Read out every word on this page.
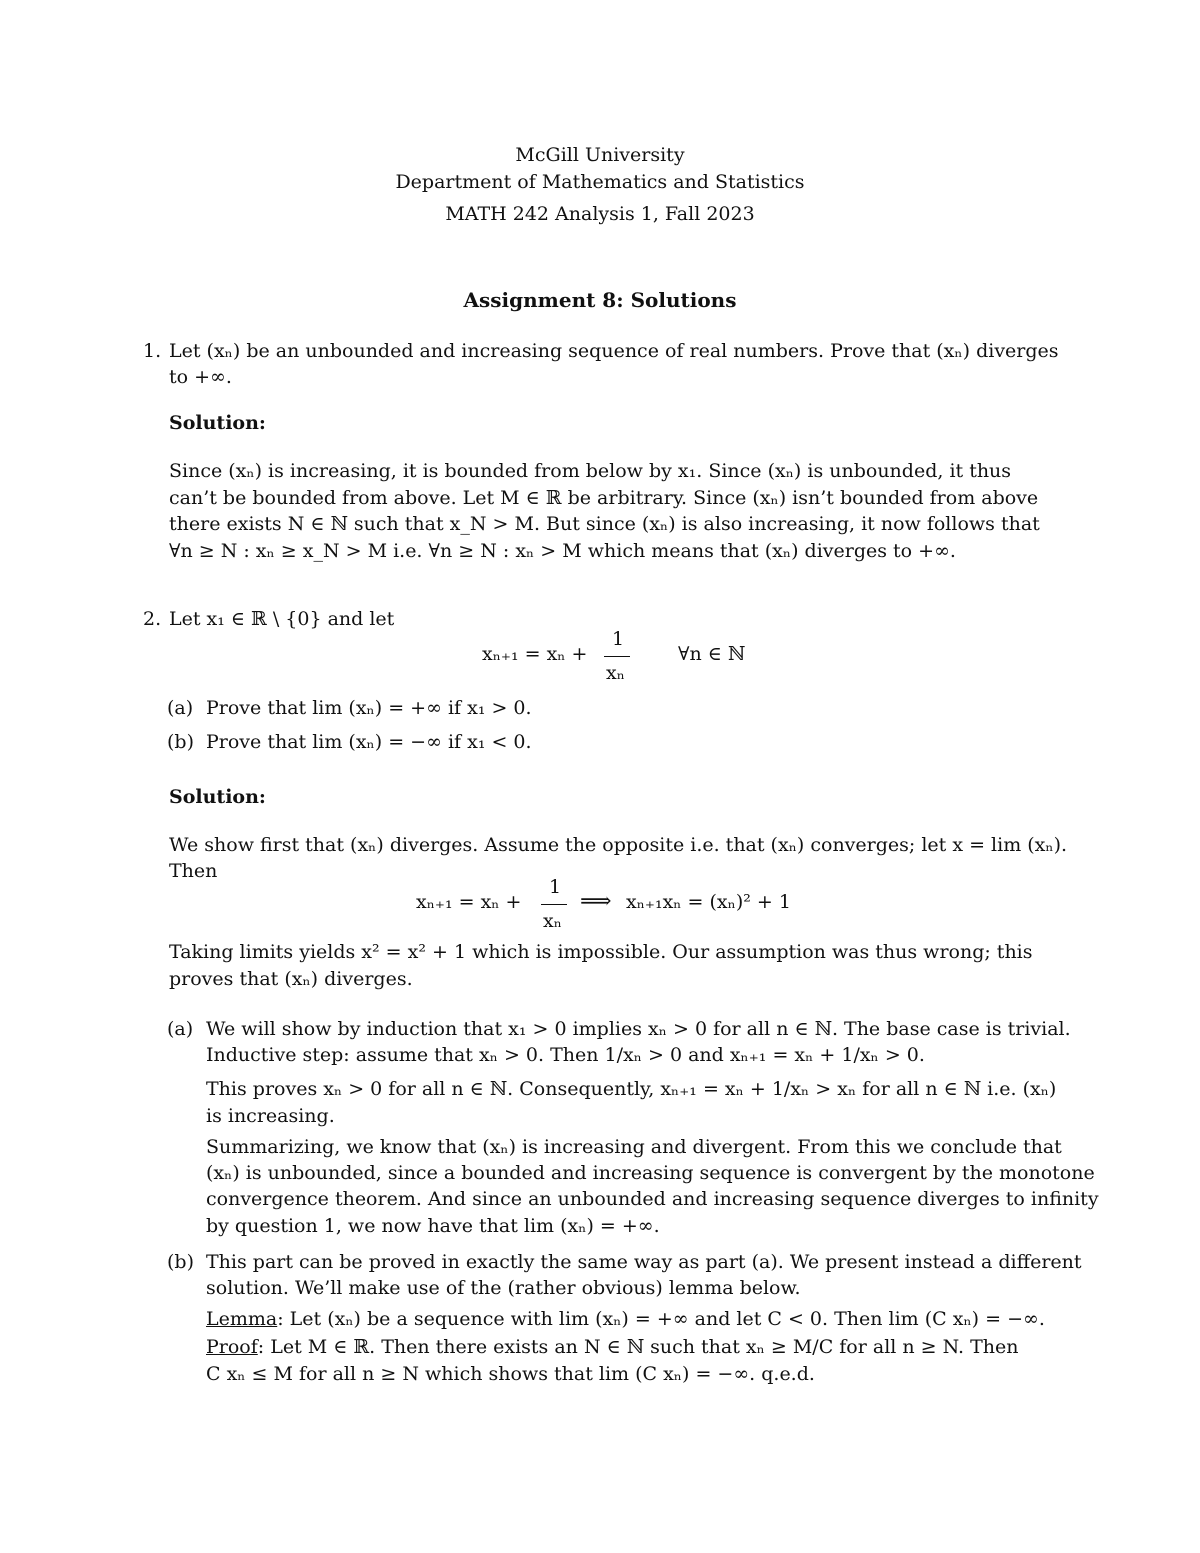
McGill University
Department of Mathematics and Statistics
MATH 242 Analysis 1, Fall 2023
Assignment 8: Solutions
1. Let (xₙ) be an unbounded and increasing sequence of real numbers. Prove that (xₙ) diverges
to +∞.
Solution:
Since (xₙ) is increasing, it is bounded from below by x₁. Since (xₙ) is unbounded, it thus
can’t be bounded from above. Let M ∈ ℝ be arbitrary. Since (xₙ) isn’t bounded from above
there exists N ∈ ℕ such that x_N > M. But since (xₙ) is also increasing, it now follows that
∀n ≥ N : xₙ ≥ x_N > M i.e. ∀n ≥ N : xₙ > M which means that (xₙ) diverges to +∞.
2. Let x₁ ∈ ℝ \ {0} and let
xₙ₊₁ = xₙ +
1
xₙ
∀n ∈ ℕ
(a) Prove that lim (xₙ) = +∞ if x₁ > 0.
(b) Prove that lim (xₙ) = −∞ if x₁ < 0.
Solution:
We show first that (xₙ) diverges. Assume the opposite i.e. that (xₙ) converges; let x = lim (xₙ).
Then
xₙ₊₁ = xₙ +
1
xₙ
⟹ xₙ₊₁xₙ = (xₙ)² + 1
Taking limits yields x² = x² + 1 which is impossible. Our assumption was thus wrong; this
proves that (xₙ) diverges.
(a) We will show by induction that x₁ > 0 implies xₙ > 0 for all n ∈ ℕ. The base case is trivial.
Inductive step: assume that xₙ > 0. Then 1/xₙ > 0 and xₙ₊₁ = xₙ + 1/xₙ > 0.
This proves xₙ > 0 for all n ∈ ℕ. Consequently, xₙ₊₁ = xₙ + 1/xₙ > xₙ for all n ∈ ℕ i.e. (xₙ)
is increasing.
Summarizing, we know that (xₙ) is increasing and divergent. From this we conclude that
(xₙ) is unbounded, since a bounded and increasing sequence is convergent by the monotone
convergence theorem. And since an unbounded and increasing sequence diverges to infinity
by question 1, we now have that lim (xₙ) = +∞.
(b) This part can be proved in exactly the same way as part (a). We present instead a different
solution. We’ll make use of the (rather obvious) lemma below.
Lemma: Let (xₙ) be a sequence with lim (xₙ) = +∞ and let C < 0. Then lim (C xₙ) = −∞.
Proof: Let M ∈ ℝ. Then there exists an N ∈ ℕ such that xₙ ≥ M/C for all n ≥ N. Then
C xₙ ≤ M for all n ≥ N which shows that lim (C xₙ) = −∞. q.e.d.
